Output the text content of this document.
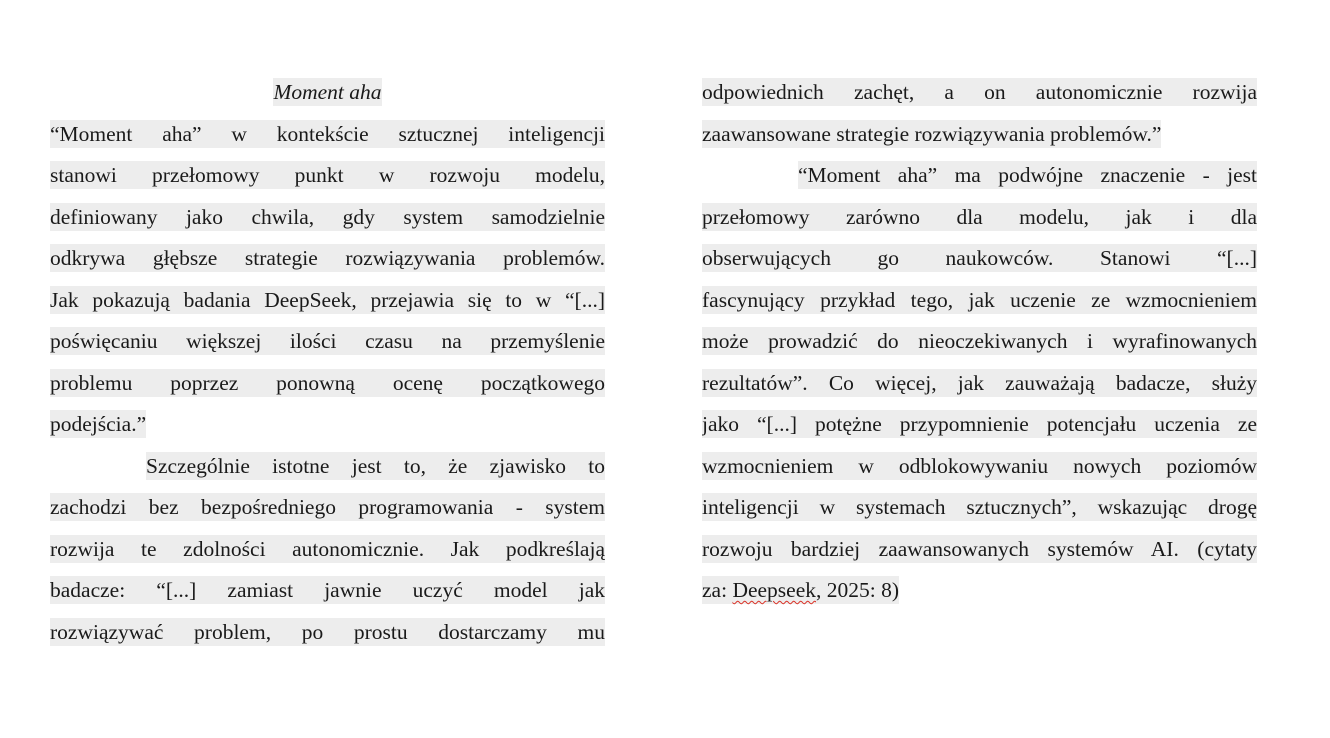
Moment aha
“Moment aha” w kontekście sztucznej inteligencji
stanowi przełomowy punkt w rozwoju modelu,
definiowany jako chwila, gdy system samodzielnie
odkrywa głębsze strategie rozwiązywania problemów.
Jak pokazują badania DeepSeek, przejawia się to w “[...]
poświęcaniu większej ilości czasu na przemyślenie
problemu poprzez ponowną ocenę początkowego
podejścia.”
Szczególnie istotne jest to, że zjawisko to
zachodzi bez bezpośredniego programowania - system
rozwija te zdolności autonomicznie. Jak podkreślają
badacze: “[...] zamiast jawnie uczyć model jak
rozwiązywać problem, po prostu dostarczamy mu
odpowiednich zachęt, a on autonomicznie rozwija
zaawansowane strategie rozwiązywania problemów.”
“Moment aha” ma podwójne znaczenie - jest
przełomowy zarówno dla modelu, jak i dla
obserwujących go naukowców. Stanowi “[...]
fascynujący przykład tego, jak uczenie ze wzmocnieniem
może prowadzić do nieoczekiwanych i wyrafinowanych
rezultatów”. Co więcej, jak zauważają badacze, służy
jako “[...] potężne przypomnienie potencjału uczenia ze
wzmocnieniem w odblokowywaniu nowych poziomów
inteligencji w systemach sztucznych”, wskazując drogę
rozwoju bardziej zaawansowanych systemów AI. (cytaty
za: Deepseek, 2025: 8)
